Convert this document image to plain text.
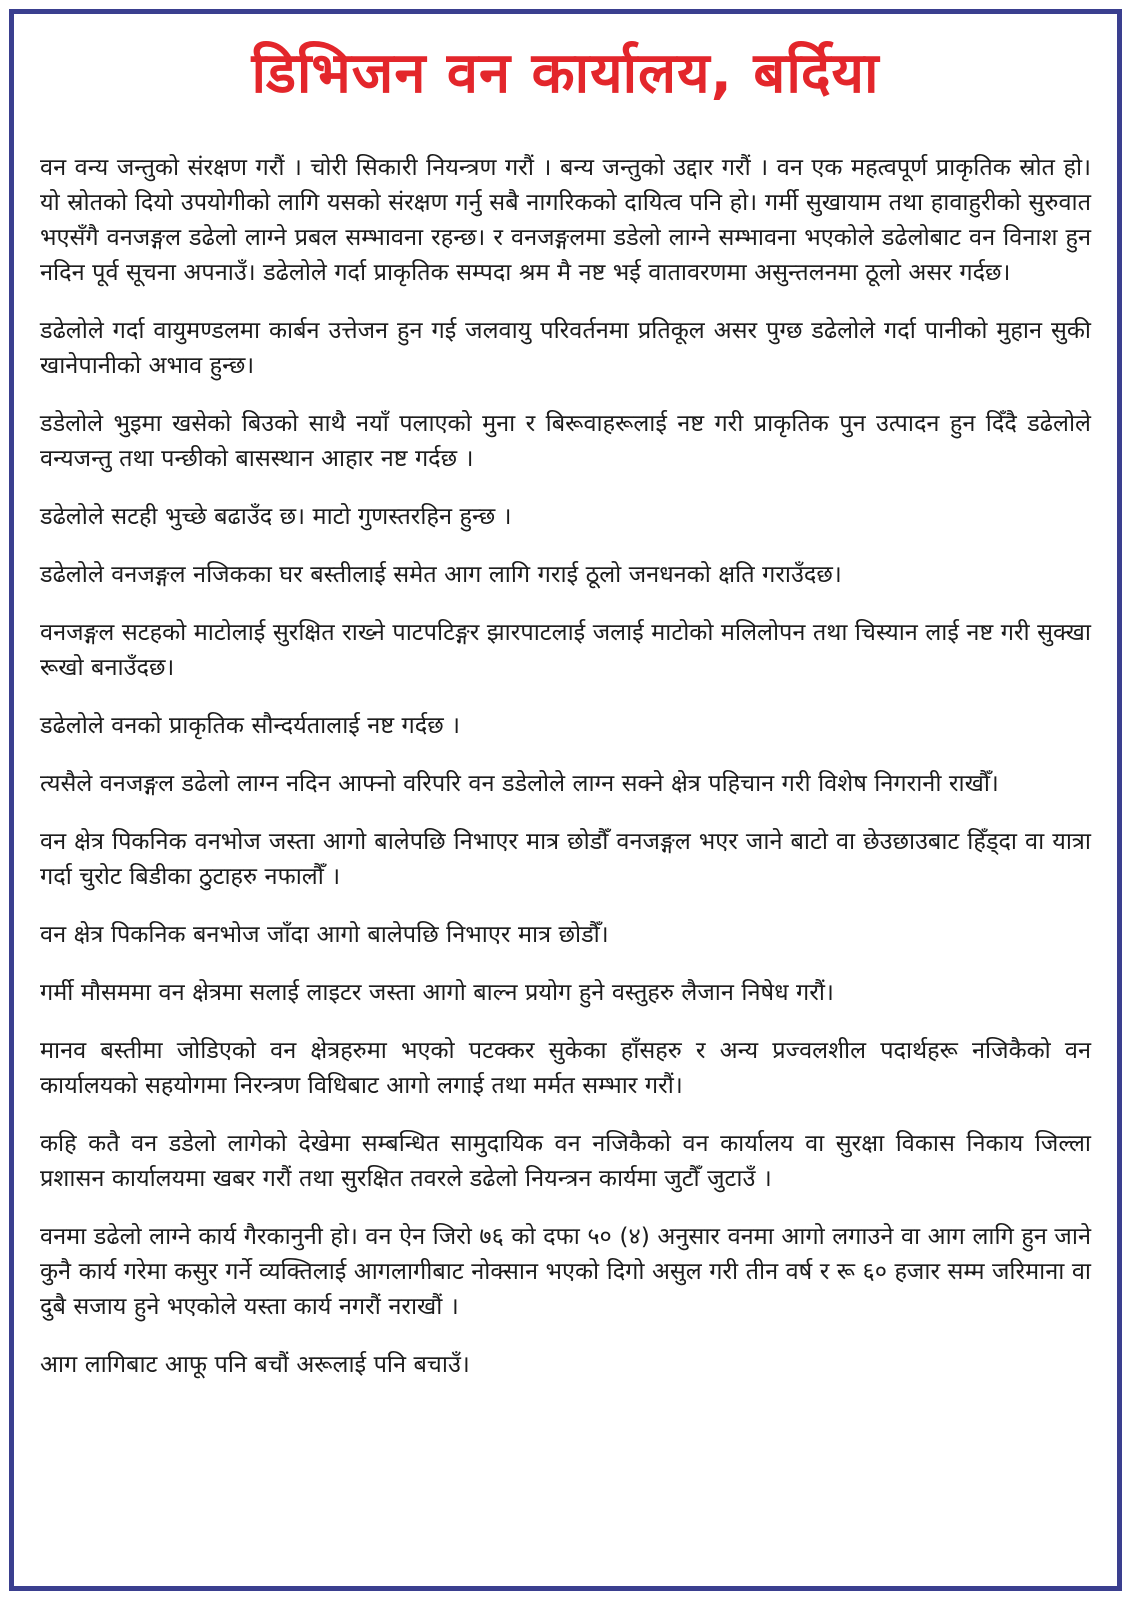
डिभिजन वन कार्यालय, बर्दिया

वन वन्य जन्तुको संरक्षण गरौं । चोरी सिकारी नियन्त्रण गरौं । बन्य जन्तुको उद्दार गरौं । वन एक महत्वपूर्ण प्राकृतिक स्रोत हो। यो स्रोतको दियो उपयोगीको लागि यसको संरक्षण गर्नु सबै नागरिकको दायित्व पनि हो। गर्मी सुखायाम तथा हावाहुरीको सुरुवात भएसँगै वनजङ्गल डढेलो लाग्ने प्रबल सम्भावना रहन्छ। र वनजङ्गलमा डडेलो लाग्ने सम्भावना भएकोले डढेलोबाट वन विनाश हुन नदिन पूर्व सूचना अपनाउँ। डढेलोले गर्दा प्राकृतिक सम्पदा श्रम मै नष्ट भई वातावरणमा असुन्तलनमा ठूलो असर गर्दछ।

डढेलोले गर्दा वायुमण्डलमा कार्बन उत्तेजन हुन गई जलवायु परिवर्तनमा प्रतिकूल असर पुग्छ डढेलोले गर्दा पानीको मुहान सुकी खानेपानीको अभाव हुन्छ।

डडेलोले भुइमा खसेको बिउको साथै नयाँ पलाएको मुना र बिरूवाहरूलाई नष्ट गरी प्राकृतिक पुन उत्पादन हुन दिँदै डढेलोले वन्यजन्तु तथा पन्छीको बासस्थान आहार नष्ट गर्दछ ।

डढेलोले सटही भुच्छे बढाउँद छ। माटो गुणस्तरहिन हुन्छ ।

डढेलोले वनजङ्गल नजिकका घर बस्तीलाई समेत आग लागि गराई ठूलो जनधनको क्षति गराउँदछ।

वनजङ्गल सटहको माटोलाई सुरक्षित राख्ने पाटपटिङ्गर झारपाटलाई जलाई माटोको मलिलोपन तथा चिस्यान लाई नष्ट गरी सुक्खा रूखो बनाउँदछ।

डढेलोले वनको प्राकृतिक सौन्दर्यतालाई नष्ट गर्दछ ।

त्यसैले वनजङ्गल डढेलो लाग्न नदिन आफ्नो वरिपरि वन डडेलोले लाग्न सक्ने क्षेत्र पहिचान गरी विशेष निगरानी राखौँ।

वन क्षेत्र पिकनिक वनभोज जस्ता आगो बालेपछि निभाएर मात्र छोडौँ वनजङ्गल भएर जाने बाटो वा छेउछाउबाट हिँड्दा वा यात्रा गर्दा चुरोट बिडीका ठुटाहरु नफालौँ ।

वन क्षेत्र पिकनिक बनभोज जाँदा आगो बालेपछि निभाएर मात्र छोडौँ।

गर्मी मौसममा वन क्षेत्रमा सलाई लाइटर जस्ता आगो बाल्न प्रयोग हुने वस्तुहरु लैजान निषेध गरौं।

मानव बस्तीमा जोडिएको वन क्षेत्रहरुमा भएको पटक्कर सुकेका हाँसहरु र अन्य प्रज्वलशील पदार्थहरू नजिकैको वन कार्यालयको सहयोगमा निरन्त्रण विधिबाट आगो लगाई तथा मर्मत सम्भार गरौं।

कहि कतै वन डडेलो लागेको देखेमा सम्बन्धित सामुदायिक वन नजिकैको वन कार्यालय वा सुरक्षा विकास निकाय जिल्ला प्रशासन कार्यालयमा खबर गरौं तथा सुरक्षित तवरले डढेलो नियन्त्रन कार्यमा जुटौँ जुटाउँ ।

वनमा डढेलो लाग्ने कार्य गैरकानुनी हो। वन ऐन जिरो ७६ को दफा ५० (४) अनुसार वनमा आगो लगाउने वा आग लागि हुन जाने कुनै कार्य गरेमा कसुर गर्ने व्यक्तिलाई आगलागीबाट नोक्सान भएको दिगो असुल गरी तीन वर्ष र रू ६० हजार सम्म जरिमाना वा दुबै सजाय हुने भएकोले यस्ता कार्य नगरौं नराखौं ।

आग लागिबाट आफू पनि बचौं अरूलाई पनि बचाउँ।
